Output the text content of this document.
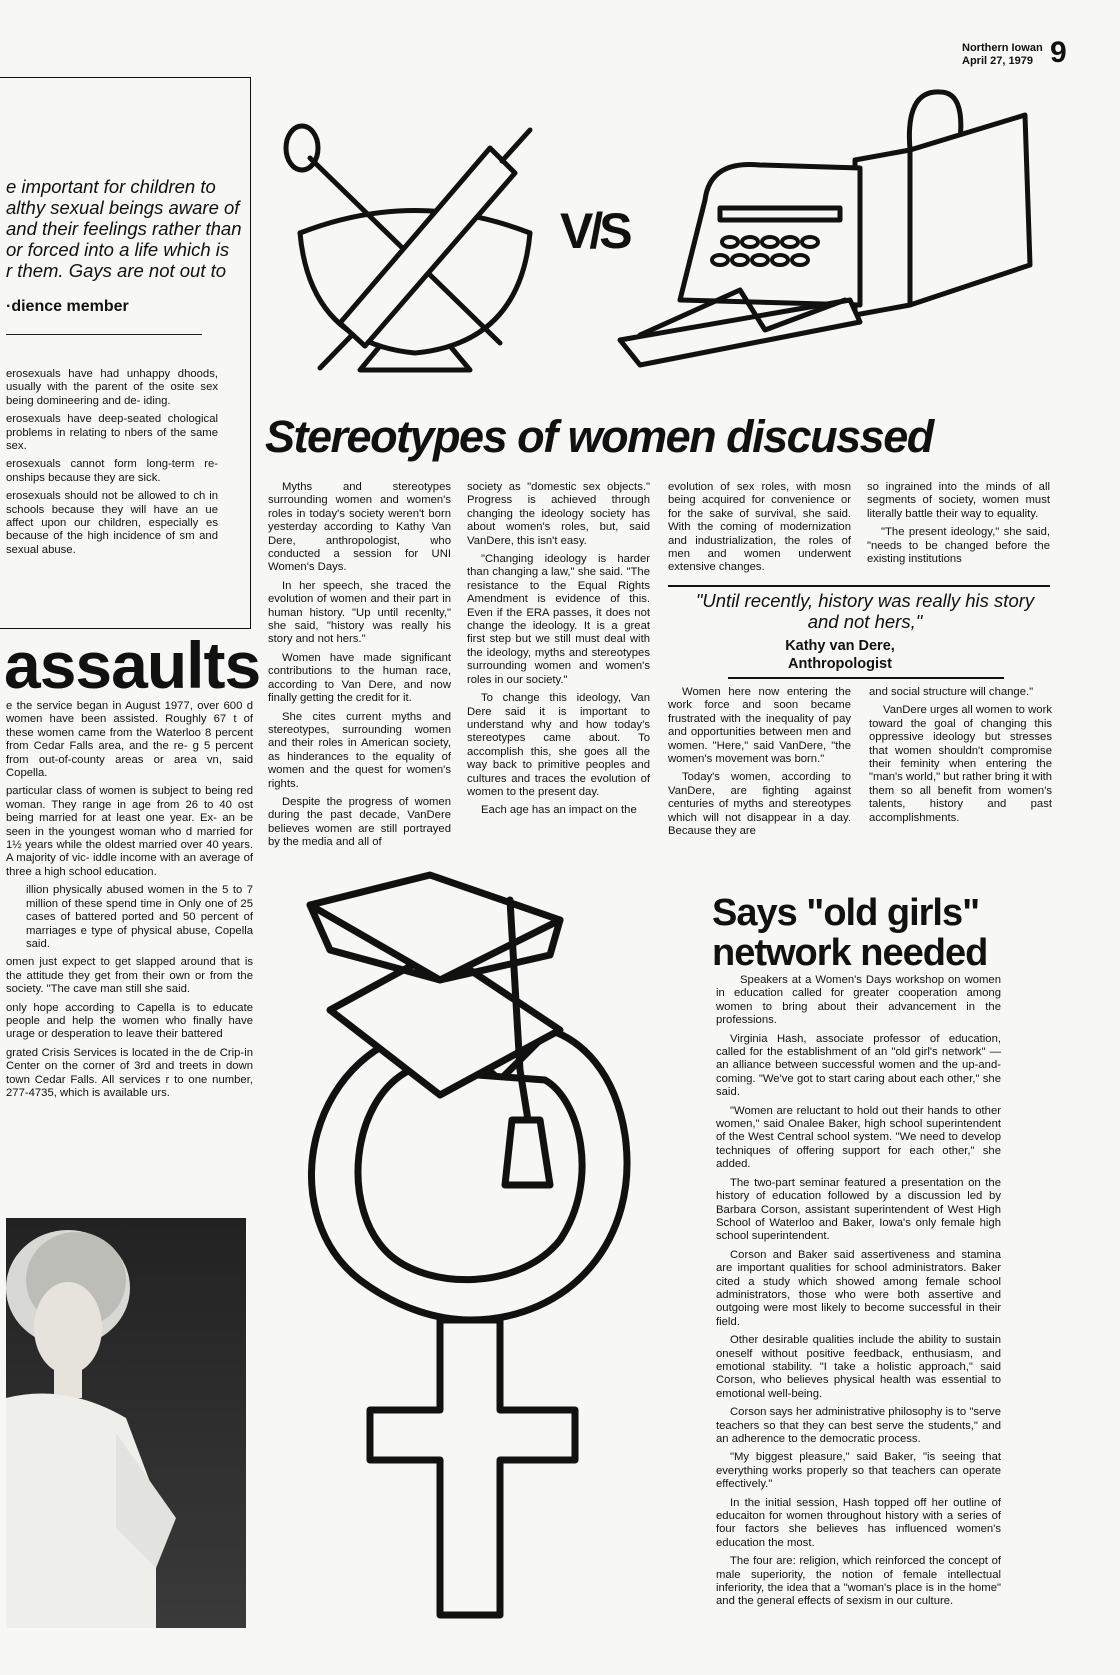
Northern Iowan
April 27, 1979 9
e important for children to
althy sexual beings aware of
and their feelings rather than
or forced into a life which is
r them. Gays are not out to
·dience member

erosexuals have had unhappy dhoods, usually with the parent of the osite sex being domineering and de- iding.

erosexuals have deep-seated chological problems in relating to nbers of the same sex.

erosexuals cannot form long-term re- onships because they are sick.

erosexuals should not be allowed to ch in schools because they will have an ue affect upon our children, especially es because of the high incidence of sm and sexual abuse.

assaults

e the service began in August 1977, over 600 d women have been assisted. Roughly 67 t of these women came from the Waterloo 8 percent from Cedar Falls area, and the re- g 5 percent from out-of-county areas or area vn, said Copella.

particular class of women is subject to being red woman. They range in age from 26 to 40 ost being married for at least one year. Ex- an be seen in the youngest woman who d married for 1½ years while the oldest married over 40 years. A majority of vic- iddle income with an average of three a high school education.

illion physically abused women in the 5 to 7 million of these spend time in Only one of 25 cases of battered ported and 50 percent of marriages e type of physical abuse, Copella said.

omen just expect to get slapped around that is the attitude they get from their own or from the society. "The cave man still she said.

only hope according to Capella is to educate people and help the women who finally have urage or desperation to leave their battered

grated Crisis Services is located in the de Crip-in Center on the corner of 3rd and treets in down town Cedar Falls. All services r to one number, 277-4735, which is available urs.

V/S
Stereotypes of women discussed

Myths and stereotypes surrounding women and women's roles in today's society weren't born yesterday according to Kathy Van Dere, anthropologist, who conducted a session for UNI Women's Days.

In her speech, she traced the evolution of women and their part in human history. "Up until recenlty," she said, "history was really his story and not hers."

Women have made significant contributions to the human race, according to Van Dere, and now finally getting the credit for it.

She cites current myths and stereotypes, surrounding women and their roles in American society, as hinderances to the equality of women and the quest for women's rights.

Despite the progress of women during the past decade, VanDere believes women are still portrayed by the media and all of

society as "domestic sex objects." Progress is achieved through changing the ideology society has about women's roles, but, said VanDere, this isn't easy.

"Changing ideology is harder than changing a law," she said. "The resistance to the Equal Rights Amendment is evidence of this. Even if the ERA passes, it does not change the ideology. It is a great first step but we still must deal with the ideology, myths and stereotypes surrounding women and women's roles in our society."

To change this ideology, Van Dere said it is important to understand why and how today's stereotypes came about. To accomplish this, she goes all the way back to primitive peoples and cultures and traces the evolution of women to the present day.

Each age has an impact on the

evolution of sex roles, with mosn being acquired for convenience or for the sake of survival, she said. With the coming of modernization and industrialization, the roles of men and women underwent extensive changes.

so ingrained into the minds of all segments of society, women must literally battle their way to equality.

"The present ideology," she said, "needs to be changed before the existing institutions

"Until recently, history was really his story and not hers,"
Kathy van Dere,
Anthropologist

Women here now entering the work force and soon became frustrated with the inequality of pay and opportunities between men and women. "Here," said VanDere, "the women's movement was born."

Today's women, according to VanDere, are fighting against centuries of myths and stereotypes which will not disappear in a day. Because they are

and social structure will change."

VanDere urges all women to work toward the goal of changing this oppressive ideology but stresses that women shouldn't compromise their feminity when entering the "man's world," but rather bring it with them so all benefit from women's talents, history and past accomplishments.

Says "old girls"
network needed

Speakers at a Women's Days workshop on women in education called for greater cooperation among women to bring about their advancement in the professions.

Virginia Hash, associate professor of education, called for the establishment of an "old girl's network" — an alliance between successful women and the up-and-coming. "We've got to start caring about each other," she said.

"Women are reluctant to hold out their hands to other women," said Onalee Baker, high school superintendent of the West Central school system. "We need to develop techniques of offering support for each other," she added.

The two-part seminar featured a presentation on the history of education followed by a discussion led by Barbara Corson, assistant superintendent of West High School of Waterloo and Baker, Iowa's only female high school superintendent.

Corson and Baker said assertiveness and stamina are important qualities for school administrators. Baker cited a study which showed among female school administrators, those who were both assertive and outgoing were most likely to become successful in their field.

Other desirable qualities include the ability to sustain oneself without positive feedback, enthusiasm, and emotional stability. "I take a holistic approach," said Corson, who believes physical health was essential to emotional well-being.

Corson says her administrative philosophy is to "serve teachers so that they can best serve the students," and an adherence to the democratic process.

"My biggest pleasure," said Baker, "is seeing that everything works properly so that teachers can operate effectively."

In the initial session, Hash topped off her outline of educaiton for women throughout history with a series of four factors she believes has influenced women's education the most.

The four are: religion, which reinforced the concept of male superiority, the notion of female intellectual inferiority, the idea that a "woman's place is in the home" and the general effects of sexism in our culture.
